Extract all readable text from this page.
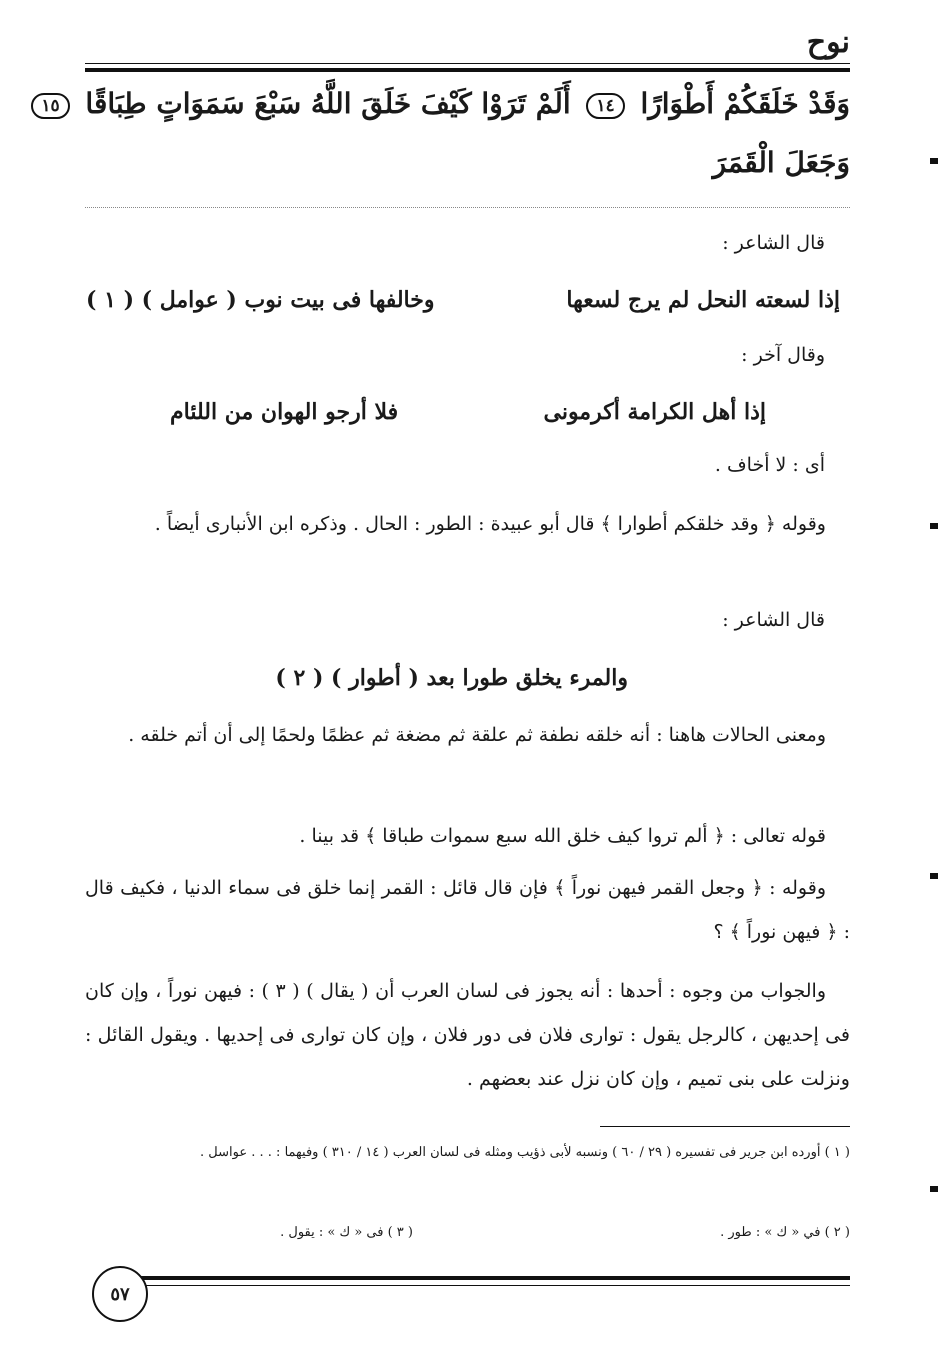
نوح
وَقَدْ خَلَقَكُمْ أَطْوَارًا ١٤ أَلَمْ تَرَوْا كَيْفَ خَلَقَ اللَّهُ سَبْعَ سَمَوَاتٍ طِبَاقًا ١٥
وَجَعَلَ الْقَمَرَ
قال الشاعر :
إذا لسعته النحل لم يرج لسعها
وخالفها فى بيت نوب ( عوامل ) ( ١ )
وقال آخر :
إذا أهل الكرامة أكرمونى
فلا أرجو الهوان من اللئام
أى : لا أخاف .
وقوله ﴿ وقد خلقكم أطوارا ﴾ قال أبو عبيدة : الطور : الحال . وذكره ابن الأنبارى أيضاً .
قال الشاعر :
والمرء يخلق طورا بعد ( أطوار ) ( ٢ )
ومعنى الحالات هاهنا : أنه خلقه نطفة ثم علقة ثم مضغة ثم عظمًا ولحمًا إلى أن أتم خلقه .
قوله تعالى : ﴿ ألم تروا كيف خلق الله سبع سموات طباقا ﴾ قد بينا .
وقوله : ﴿ وجعل القمر فيهن نوراً ﴾ فإن قال قائل : القمر إنما خلق فى سماء الدنيا ، فكيف قال : ﴿ فيهن نوراً ﴾ ؟
والجواب من وجوه : أحدها : أنه يجوز فى لسان العرب أن ( يقال ) ( ٣ ) : فيهن نوراً ، وإن كان فى إحديهن ، كالرجل يقول : توارى فلان فى دور فلان ، وإن كان توارى فى إحديها . ويقول القائل : ونزلت على بنى تميم ، وإن كان نزل عند بعضهم .
( ١ ) أورده ابن جرير فى تفسيره ( ٢٩ / ٦٠ ) ونسبه لأبى ذؤيب ومثله فى لسان العرب ( ١٤ / ٣١٠ ) وفيهما : . . . عواسل .
( ٢ ) في « ك » : طور .
( ٣ ) فى « ك » : يقول .
٥٧
